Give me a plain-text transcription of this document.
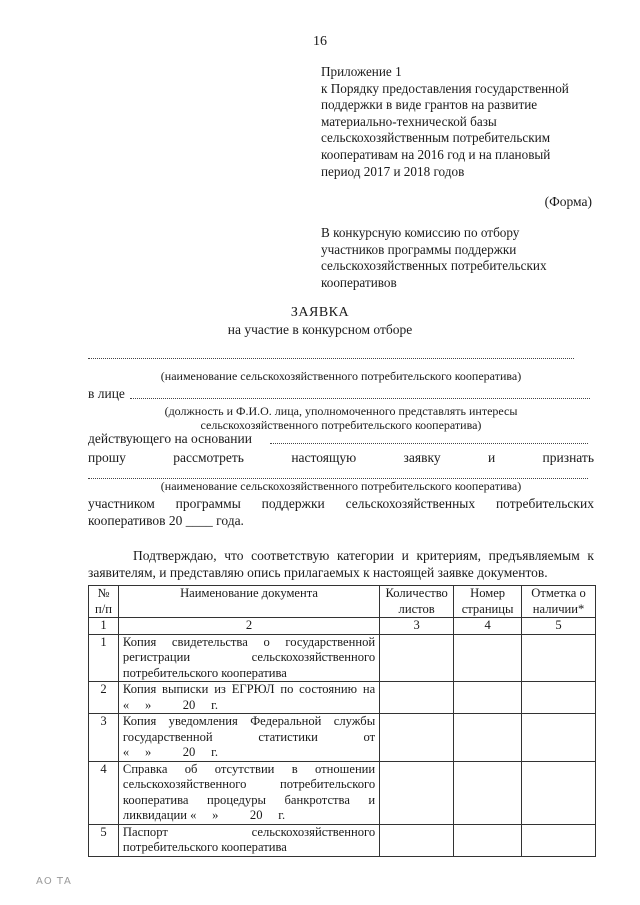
16
Приложение 1
к Порядку предоставления государственной
поддержки в виде грантов на развитие
материально-технической базы
сельскохозяйственным потребительским
кооперативам на 2016 год и на плановый
период 2017 и 2018 годов
(Форма)
В конкурсную комиссию по отбору
участников программы поддержки
сельскохозяйственных потребительских
кооперативов
ЗАЯВКА
на участие в конкурсном отборе
(наименование сельскохозяйственного потребительского кооператива)
в лице
(должность и Ф.И.О. лица, уполномоченного представлять интересы
сельскохозяйственного потребительского кооператива)
действующего на основании
прошу	рассмотреть	настоящую	заявку	и	признать
(наименование сельскохозяйственного потребительского кооператива)
участником программы поддержки сельскохозяйственных потребительских
кооперативов 20 ____ года.
Подтверждаю, что соответствую категории и критериям, предъявляемым к заявителям, и представляю опись прилагаемых к настоящей заявке документов.
№ п/п	Наименование документа	Количество листов	Номер страницы	Отметка о наличии*
1	2	3	4	5
1	Копия свидетельства о государственной
регистрации сельскохозяйственного
потребительского кооператива			

2	Копия выписки из ЕГРЮЛ по состоянию на
«     »          20     г.			

3	Копия уведомления Федеральной службы
государственной статистики от
«     »          20     г.			

4	Справка об отсутствии в отношении
сельскохозяйственного потребительского
кооператива процедуры банкротства и
ликвидации «     »          20     г.			

5	Паспорт сельскохозяйственного
потребительского кооператива			

АО ТА
